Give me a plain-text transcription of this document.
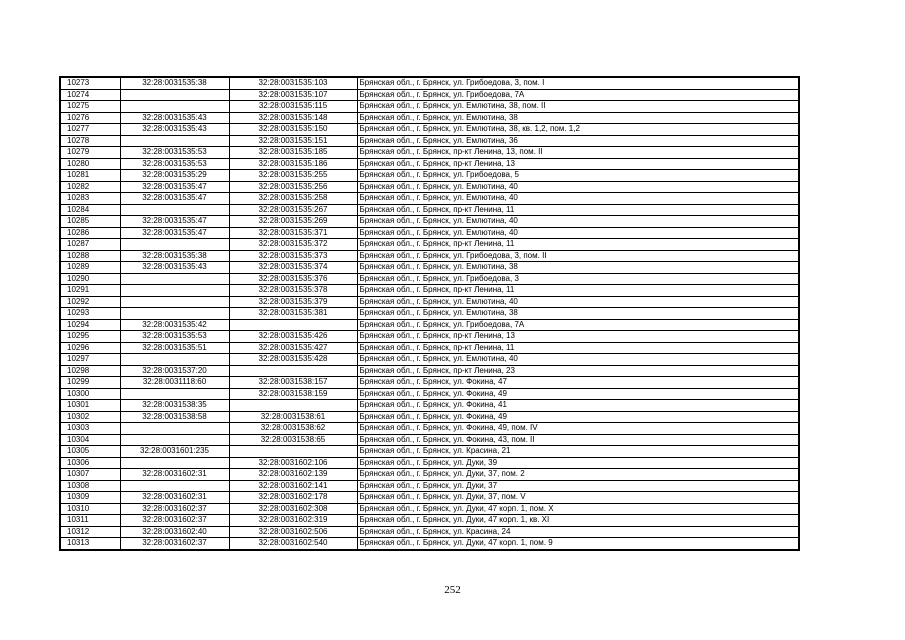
10273	32:28:0031535:38	32:28:0031535:103	Брянская обл., г. Брянск, ул. Грибоедова, 3, пом. I
10274		32:28:0031535:107	Брянская обл., г. Брянск, ул. Грибоедова, 7А
10275		32:28:0031535:115	Брянская обл., г. Брянск, ул. Емлютина, 38, пом. II
10276	32:28:0031535:43	32:28:0031535:148	Брянская обл., г. Брянск, ул. Емлютина, 38
10277	32:28:0031535:43	32:28:0031535:150	Брянская обл., г. Брянск, ул. Емлютина, 38, кв. 1,2, пом. 1,2
10278		32:28:0031535:151	Брянская обл., г. Брянск, ул. Емлютина, 36
10279	32:28:0031535:53	32:28:0031535:185	Брянская обл., г. Брянск, пр-кт Ленина, 13, пом. II
10280	32:28:0031535:53	32:28:0031535:186	Брянская обл., г. Брянск, пр-кт Ленина, 13
10281	32:28:0031535:29	32:28:0031535:255	Брянская обл., г. Брянск, ул. Грибоедова, 5
10282	32:28:0031535:47	32:28:0031535:256	Брянская обл., г. Брянск, ул. Емлютина, 40
10283	32:28:0031535:47	32:28:0031535:258	Брянская обл., г. Брянск, ул. Емлютина, 40
10284		32:28:0031535:267	Брянская обл., г. Брянск, пр-кт Ленина, 11
10285	32:28:0031535:47	32:28:0031535:269	Брянская обл., г. Брянск, ул. Емлютина, 40
10286	32:28:0031535:47	32:28:0031535:371	Брянская обл., г. Брянск, ул. Емлютина, 40
10287		32:28:0031535:372	Брянская обл., г. Брянск, пр-кт Ленина, 11
10288	32:28:0031535:38	32:28:0031535:373	Брянская обл., г. Брянск, ул. Грибоедова, 3, пом. II
10289	32:28:0031535:43	32:28:0031535:374	Брянская обл., г. Брянск, ул. Емлютина, 38
10290		32:28:0031535:376	Брянская обл., г. Брянск, ул. Грибоедова, 3
10291		32:28:0031535:378	Брянская обл., г. Брянск, пр-кт Ленина, 11
10292		32:28:0031535:379	Брянская обл., г. Брянск, ул. Емлютина, 40
10293		32:28:0031535:381	Брянская обл., г. Брянск, ул. Емлютина, 38
10294	32:28:0031535:42		Брянская обл., г. Брянск, ул. Грибоедова, 7А
10295	32:28:0031535:53	32:28:0031535:426	Брянская обл., г. Брянск, пр-кт Ленина, 13
10296	32:28:0031535:51	32:28:0031535:427	Брянская обл., г. Брянск, пр-кт Ленина, 11
10297		32:28:0031535:428	Брянская обл., г. Брянск, ул. Емлютина, 40
10298	32:28:0031537:20		Брянская обл., г. Брянск, пр-кт Ленина, 23
10299	32:28:0031118:60	32:28:0031538:157	Брянская обл., г. Брянск, ул. Фокина, 47
10300		32:28:0031538:159	Брянская обл., г. Брянск, ул. Фокина, 49
10301	32:28:0031538:35		Брянская обл., г. Брянск, ул. Фокина, 41
10302	32:28:0031538:58	32:28:0031538:61	Брянская обл., г. Брянск, ул. Фокина, 49
10303		32:28:0031538:62	Брянская обл., г. Брянск, ул. Фокина, 49, пом. IV
10304		32:28:0031538:65	Брянская обл., г. Брянск, ул. Фокина, 43, пом. II
10305	32:28:0031601:235		Брянская обл., г. Брянск, ул. Красина, 21
10306		32:28:0031602:106	Брянская обл., г. Брянск, ул. Дуки, 39
10307	32:28:0031602:31	32:28:0031602:139	Брянская обл., г. Брянск, ул. Дуки, 37, пом. 2
10308		32:28:0031602:141	Брянская обл., г. Брянск, ул. Дуки, 37
10309	32:28:0031602:31	32:28:0031602:178	Брянская обл., г. Брянск, ул. Дуки, 37, пом. V
10310	32:28:0031602:37	32:28:0031602:308	Брянская обл., г. Брянск, ул. Дуки, 47 корп. 1, пом. Х
10311	32:28:0031602:37	32:28:0031602:319	Брянская обл., г. Брянск, ул. Дуки, 47 корп. 1, кв. XI
10312	32:28:0031602:40	32:28:0031602:506	Брянская обл., г. Брянск, ул. Красина, 24
10313	32:28:0031602:37	32:28:0031602:540	Брянская обл., г. Брянск, ул. Дуки, 47 корп. 1, пом. 9
252
